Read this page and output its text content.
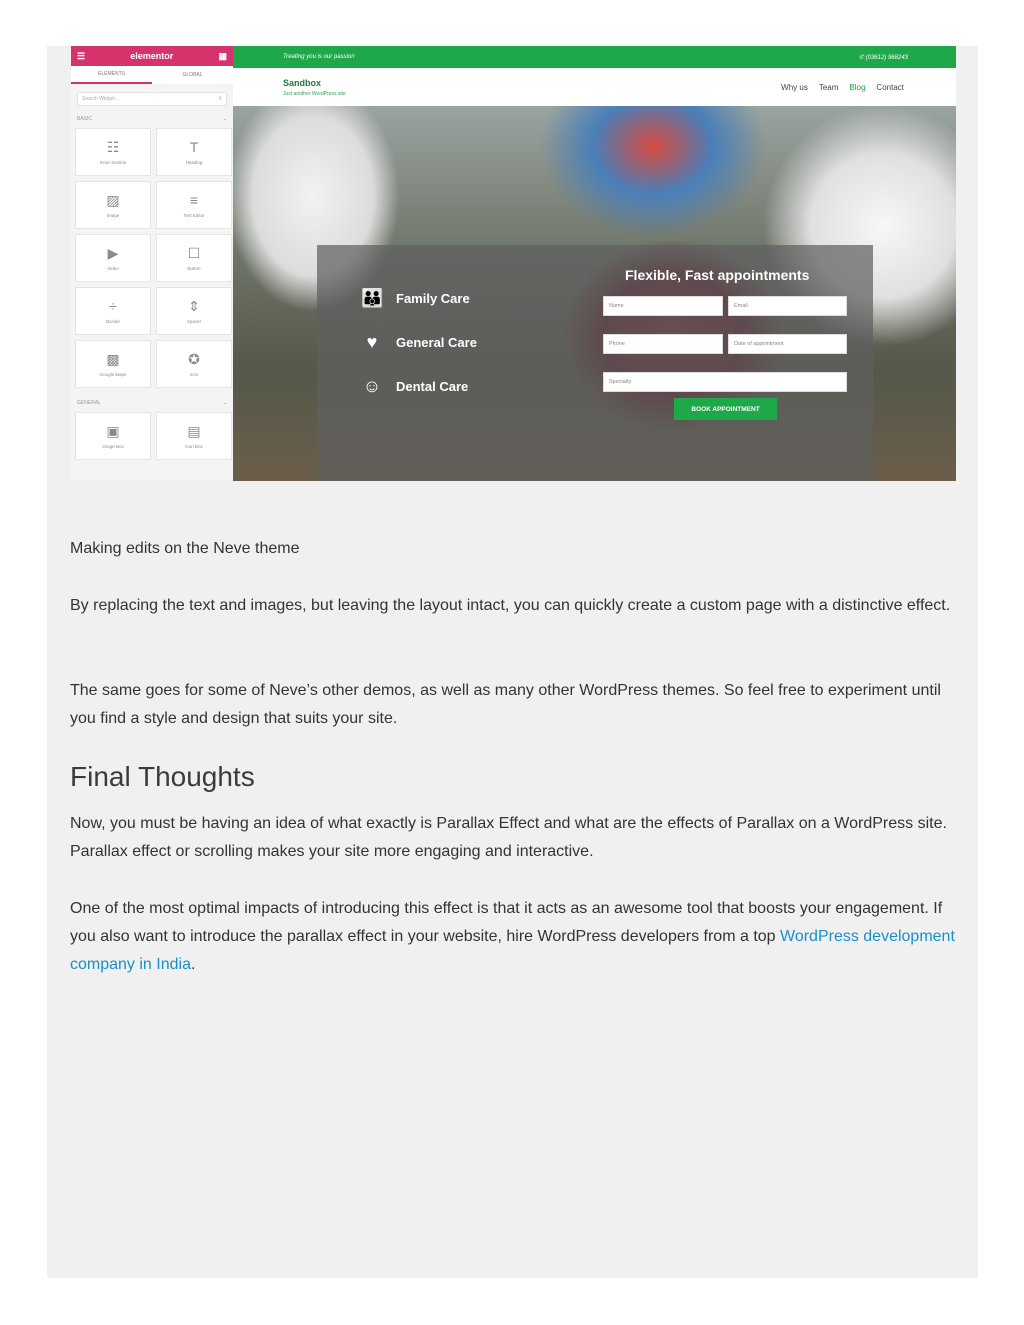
☰	elementor	▦
ELEMENTS	GLOBAL
Search Widget...	⚲
BASIC	⌄
☷
Inner Section
T
Heading
▨
Image
≡
Text Editor
▶
Video
☐
Button
÷
Divider
⇕
Spacer
▩
Google Maps
✪
Icon
GENERAL	⌄
▣
Image Box
▤
Icon Box
Treating you is our passion	✆ (03612) 968243
Sandbox
Just another WordPress site
Why us Team Blog Contact
👪 Family Care
♥	General Care
☺ Dental Care
Flexible, Fast appointments
Name	Email
Phone	Date of appointment
Specialty
BOOK APPOINTMENT

Making edits on the Neve theme

By replacing the text and images, but leaving the layout intact, you can quickly create a custom page with a distinctive effect.

The same goes for some of Neve’s other demos, as well as many other WordPress themes. So feel free to experiment until you find a style and design that suits your site.

Final Thoughts

Now, you must be having an idea of what exactly is Parallax Effect and what are the effects of Parallax on a WordPress site. Parallax effect or scrolling makes your site more engaging and interactive.

One of the most optimal impacts of introducing this effect is that it acts as an awesome tool that boosts your engagement. If you also want to introduce the parallax effect in your website, hire WordPress developers from a top WordPress development company in India.
